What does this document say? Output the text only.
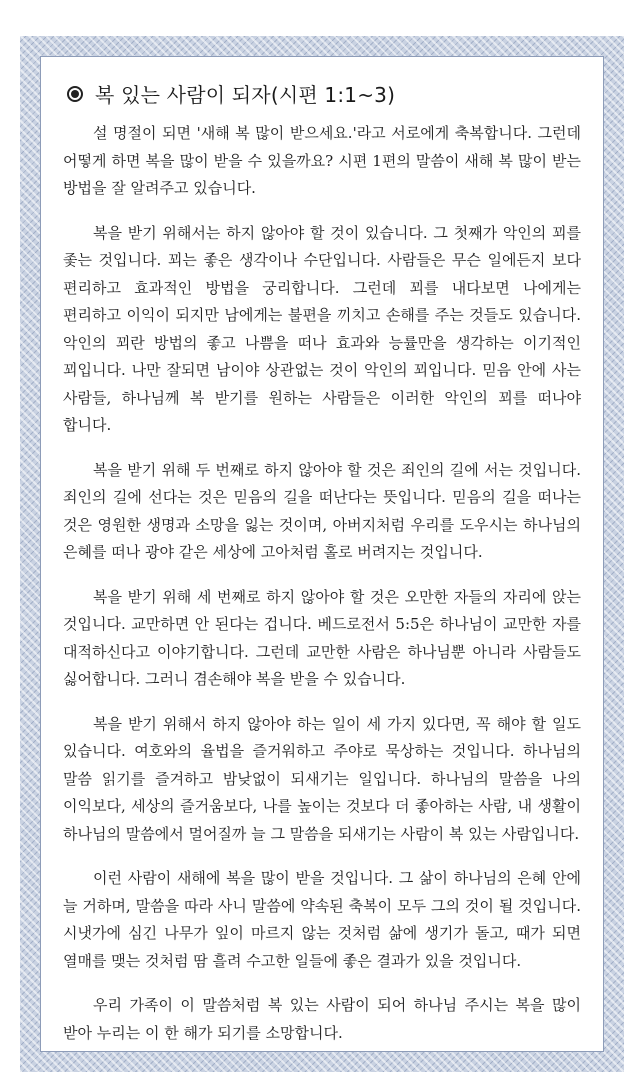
복 있는 사람이 되자(시편 1:1~3)

설 명절이 되면 '새해 복 많이 받으세요.'라고 서로에게 축복합니다. 그런데 어떻게 하면 복을 많이 받을 수 있을까요? 시편 1편의 말씀이 새해 복 많이 받는 방법을 잘 알려주고 있습니다.

복을 받기 위해서는 하지 않아야 할 것이 있습니다. 그 첫째가 악인의 꾀를 좇는 것입니다. 꾀는 좋은 생각이나 수단입니다. 사람들은 무슨 일에든지 보다 편리하고 효과적인 방법을 궁리합니다. 그런데 꾀를 내다보면 나에게는 편리하고 이익이 되지만 남에게는 불편을 끼치고 손해를 주는 것들도 있습니다. 악인의 꾀란 방법의 좋고 나쁨을 떠나 효과와 능률만을 생각하는 이기적인 꾀입니다. 나만 잘되면 남이야 상관없는 것이 악인의 꾀입니다. 믿음 안에 사는 사람들, 하나님께 복 받기를 원하는 사람들은 이러한 악인의 꾀를 떠나야 합니다.

복을 받기 위해 두 번째로 하지 않아야 할 것은 죄인의 길에 서는 것입니다. 죄인의 길에 선다는 것은 믿음의 길을 떠난다는 뜻입니다. 믿음의 길을 떠나는 것은 영원한 생명과 소망을 잃는 것이며, 아버지처럼 우리를 도우시는 하나님의 은혜를 떠나 광야 같은 세상에 고아처럼 홀로 버려지는 것입니다.

복을 받기 위해 세 번째로 하지 않아야 할 것은 오만한 자들의 자리에 앉는 것입니다. 교만하면 안 된다는 겁니다. 베드로전서 5:5은 하나님이 교만한 자를 대적하신다고 이야기합니다. 그런데 교만한 사람은 하나님뿐 아니라 사람들도 싫어합니다. 그러니 겸손해야 복을 받을 수 있습니다.

복을 받기 위해서 하지 않아야 하는 일이 세 가지 있다면, 꼭 해야 할 일도 있습니다. 여호와의 율법을 즐거워하고 주야로 묵상하는 것입니다. 하나님의 말씀 읽기를 즐겨하고 밤낮없이 되새기는 일입니다. 하나님의 말씀을 나의 이익보다, 세상의 즐거움보다, 나를 높이는 것보다 더 좋아하는 사람, 내 생활이 하나님의 말씀에서 멀어질까 늘 그 말씀을 되새기는 사람이 복 있는 사람입니다.

이런 사람이 새해에 복을 많이 받을 것입니다. 그 삶이 하나님의 은혜 안에 늘 거하며, 말씀을 따라 사니 말씀에 약속된 축복이 모두 그의 것이 될 것입니다. 시냇가에 심긴 나무가 잎이 마르지 않는 것처럼 삶에 생기가 돌고, 때가 되면 열매를 맺는 것처럼 땀 흘려 수고한 일들에 좋은 결과가 있을 것입니다.

우리 가족이 이 말씀처럼 복 있는 사람이 되어 하나님 주시는 복을 많이 받아 누리는 이 한 해가 되기를 소망합니다.
